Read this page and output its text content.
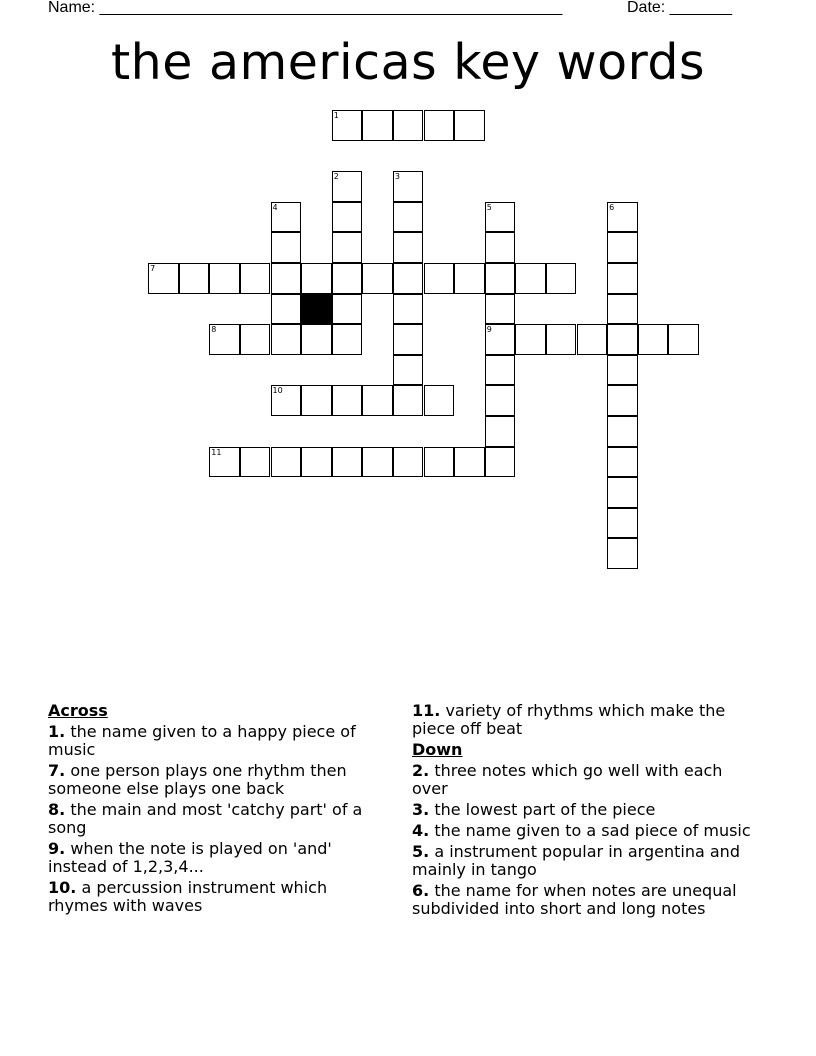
Name: ____________________________________________________	Date: _______
the americas key words
1
2	3
4	5	6
7
8	9
10
11
Across
1. the name given to a happy piece of music
7. one person plays one rhythm then someone else plays one back
8. the main and most 'catchy part' of a song
9. when the note is played on 'and' instead of 1,2,3,4...
10. a percussion instrument which rhymes with waves
11. variety of rhythms which make the piece off beat
Down
2. three notes which go well with each over
3. the lowest part of the piece
4. the name given to a sad piece of music
5. a instrument popular in argentina and mainly in tango
6. the name for when notes are unequal subdivided into short and long notes
